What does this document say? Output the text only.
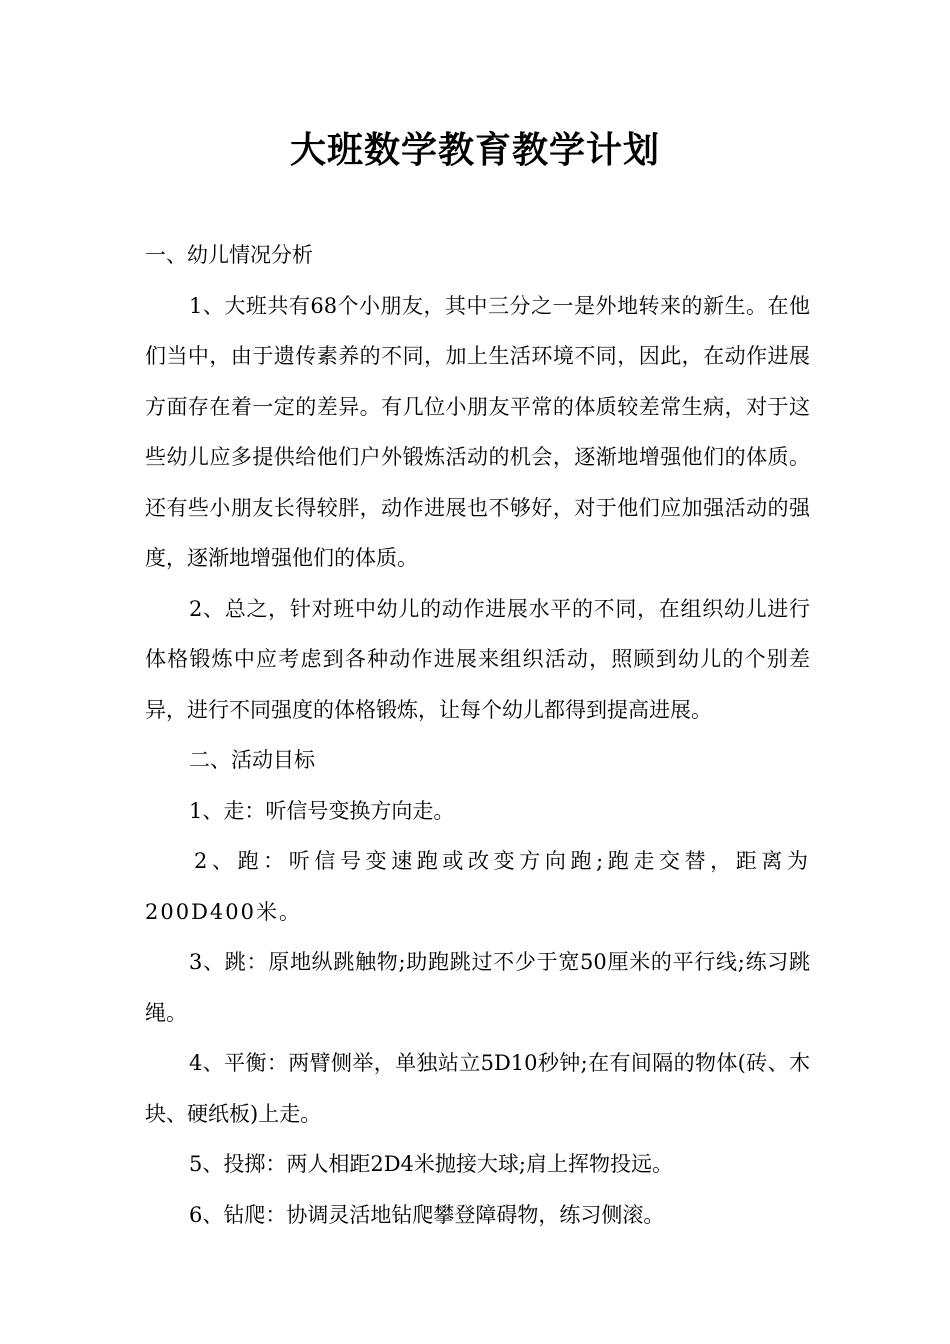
大班数学教育教学计划

一、幼儿情况分析

1、大班共有68个小朋友，其中三分之一是外地转来的新生。在他们当中，由于遗传素养的不同，加上生活环境不同，因此，在动作进展方面存在着一定的差异。有几位小朋友平常的体质较差常生病，对于这些幼儿应多提供给他们户外锻炼活动的机会，逐渐地增强他们的体质。还有些小朋友长得较胖，动作进展也不够好，对于他们应加强活动的强度，逐渐地增强他们的体质。

2、总之，针对班中幼儿的动作进展水平的不同，在组织幼儿进行体格锻炼中应考虑到各种动作进展来组织活动，照顾到幼儿的个别差异，进行不同强度的体格锻炼，让每个幼儿都得到提高进展。

二、活动目标

1、走：听信号变换方向走。

2、跑：听信号变速跑或改变方向跑;跑走交替，距离为200D400米。

3、跳：原地纵跳触物;助跑跳过不少于宽50厘米的平行线;练习跳绳。

4、平衡：两臂侧举，单独站立5D10秒钟;在有间隔的物体(砖、木块、硬纸板)上走。

5、投掷：两人相距2D4米抛接大球;肩上挥物投远。

6、钻爬：协调灵活地钻爬攀登障碍物，练习侧滚。
